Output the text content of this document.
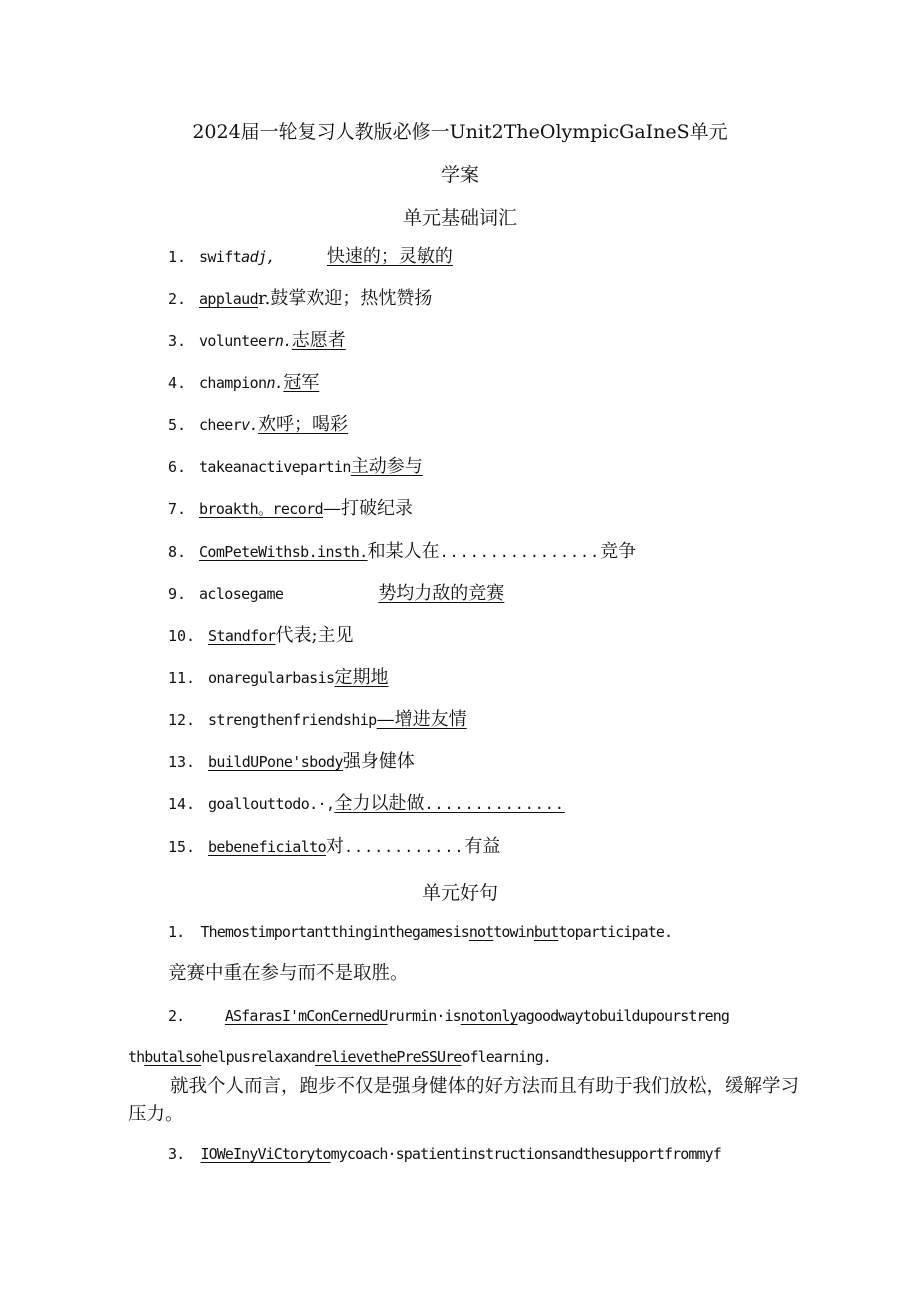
2024届一轮复习人教版必修一Unit2TheOlympicGaInеS单元
学案
单元基础词汇
1. swiftadj,	快速的；灵敏的
2. applaudr.鼓掌欢迎；热忱赞扬
3. volunteern.志愿者
4. championn.冠军
5. cheerv.欢呼；喝彩
6. takeanactivepartin主动参与
7. broakth。record—打破纪录
8. ComPeteWithsb.insth.和某人在................竞争
9. aclosegame	势均力敌的竞赛
10. Standfor代表;主见
11. onaregularbasis定期地
12. strengthenfriendship—增进友情
13. buildUPone'sbody强身健体
14. goallouttodo.·,全力以赴做..............
15. bebeneficialto对............有益
单元好句
1. Themostimportantthinginthegamesisnottowinbuttoparticipate.
竞赛中重在参与而不是取胜。
2.	ASfarasI'mConCernedUrurmin·isnotonlyagoodwaytobuildupourstreng
thbutalsohelpusrelaxandrelievethePreSSUreoflearning.
就我个人而言，跑步不仅是强身健体的好方法而且有助于我们放松，缓解学习压力。
3. IOWeInyViCtorytomycoach·spatientinstructionsandthesupportfrommyf
